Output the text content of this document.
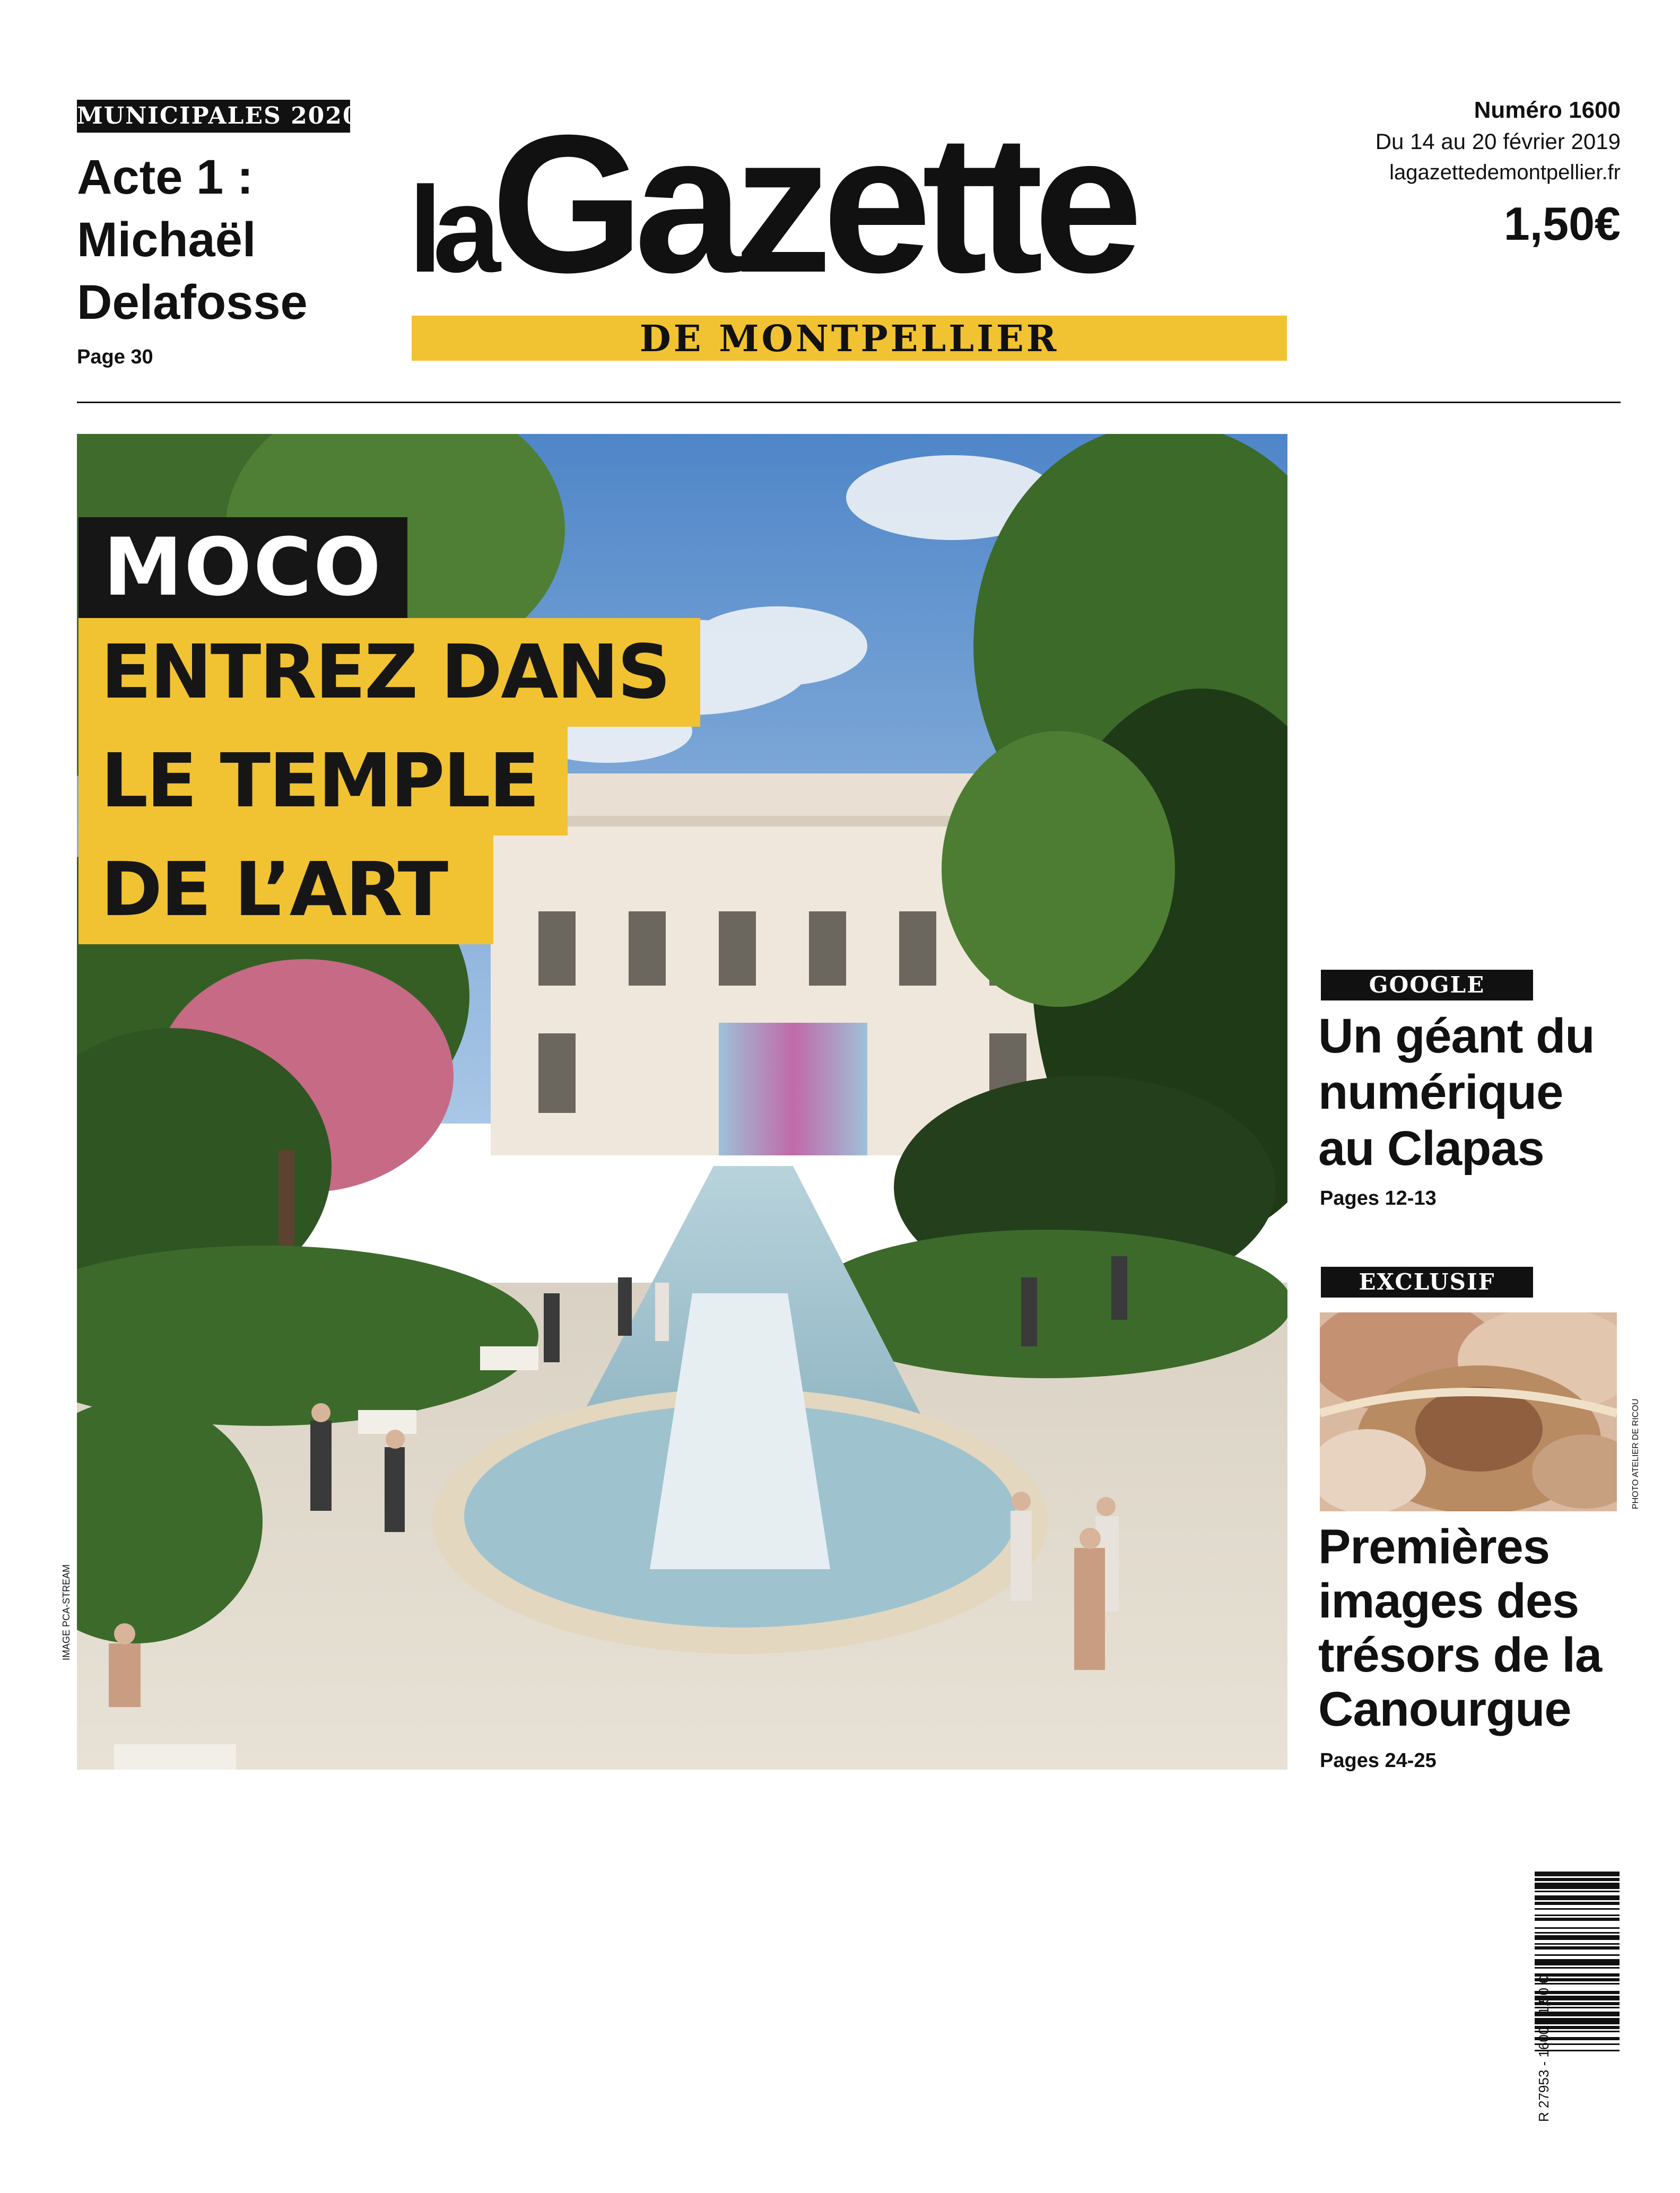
MUNICIPALES 2020
Acte 1 :
Michaël
Delafosse
Page 30
laGazette
DE MONTPELLIER
Numéro 1600
Du 14 au 20 février 2019
lagazettedemontpellier.fr
1,50€
MOCO
ENTREZ DANS
LE TEMPLE
DE L’ART
IMAGE PCA-STREAM
GOOGLE
Un géant du
numérique
au Clapas
Pages 12-13
EXCLUSIF
PHOTO ATELIER DE RICOU
Premières
images des
trésors de la
Canourgue
Pages 24-25
R 27953 - 1600 - 1,50 €
